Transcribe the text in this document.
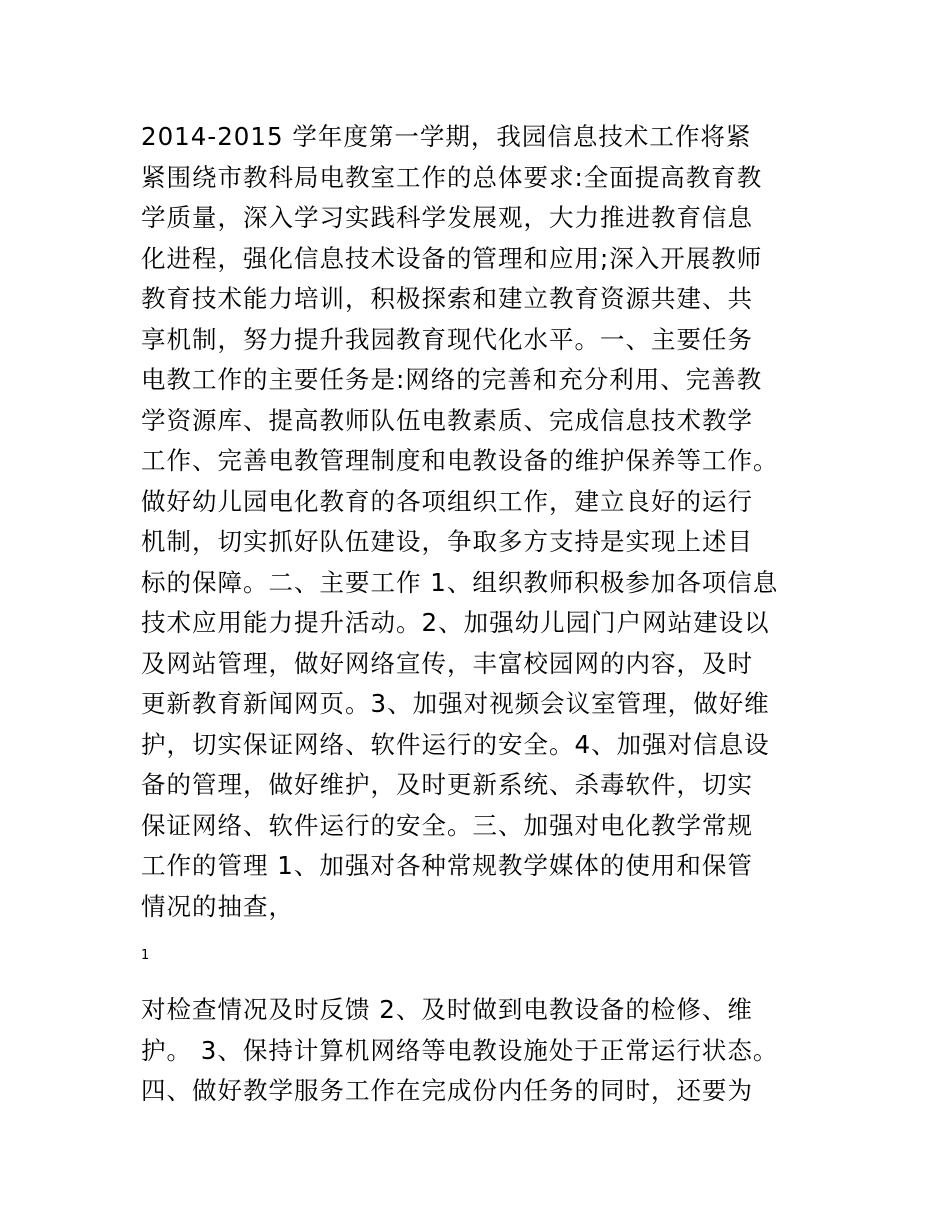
2014-2015 学年度第一学期，我园信息技术工作将紧
紧围绕市教科局电教室工作的总体要求:全面提高教育教
学质量，深入学习实践科学发展观，大力推进教育信息
化进程，强化信息技术设备的管理和应用;深入开展教师
教育技术能力培训，积极探索和建立教育资源共建、共
享机制，努力提升我园教育现代化水平。一、主要任务
电教工作的主要任务是:网络的完善和充分利用、完善教
学资源库、提高教师队伍电教素质、完成信息技术教学
工作、完善电教管理制度和电教设备的维护保养等工作。
做好幼儿园电化教育的各项组织工作，建立良好的运行
机制，切实抓好队伍建设，争取多方支持是实现上述目
标的保障。二、主要工作 1、组织教师积极参加各项信息
技术应用能力提升活动。2、加强幼儿园门户网站建设以
及网站管理，做好网络宣传，丰富校园网的内容，及时
更新教育新闻网页。3、加强对视频会议室管理，做好维
护，切实保证网络、软件运行的安全。4、加强对信息设
备的管理，做好维护，及时更新系统、杀毒软件，切实
保证网络、软件运行的安全。三、加强对电化教学常规
工作的管理 1、加强对各种常规教学媒体的使用和保管
情况的抽查，
1
对检查情况及时反馈 2、及时做到电教设备的检修、维
护。 3、保持计算机网络等电教设施处于正常运行状态。
四、做好教学服务工作在完成份内任务的同时，还要为
